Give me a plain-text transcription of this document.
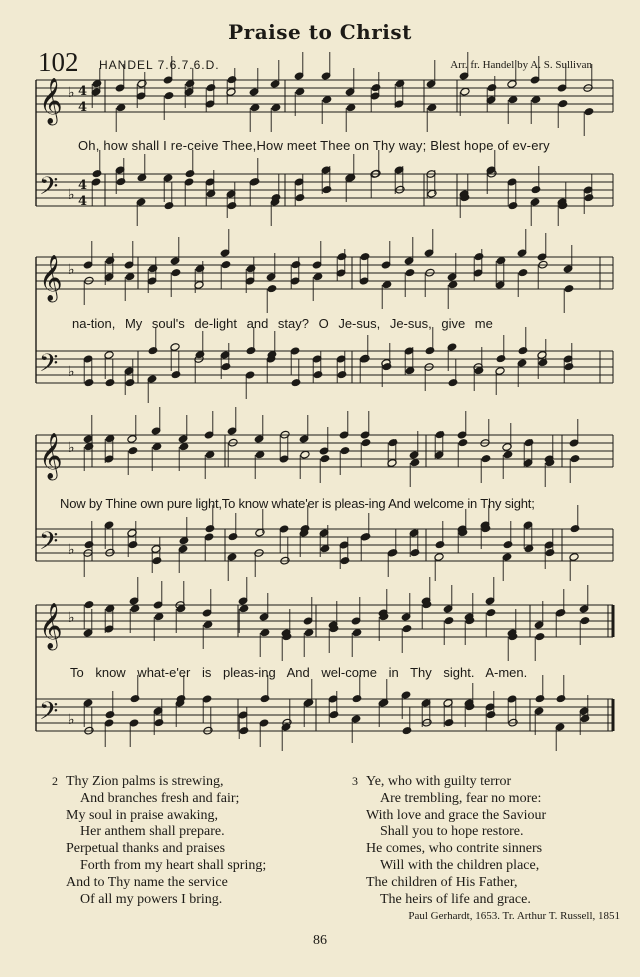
Praise to Christ
102 HANDEL 7.6.7.6.D.	Arr. fr. Handel by A. S. Sullivan
𝄞 ♭ 4
4
𝄢 ♭
4
4
𝄞 ♭
𝄢 ♭
𝄞 ♭
𝄢 ♭
𝄞 ♭
𝄢 ♭
Oh, how shall I re-ceive Thee,How meet Thee on Thy way; Blest hope of ev-ery
na-tion, My soul's de-light and stay? O Je-sus, Je-sus, give me
Now by Thine own pure light,To know whate'er is pleas-ing And welcome in Thy sight;
To know what-e'er is pleas-ing And wel-come in Thy sight. A-men.
2 Thy Zion palms is strewing,
And branches fresh and fair;
My soul in praise awaking,
Her anthem shall prepare.
Perpetual thanks and praises
Forth from my heart shall spring;
And to Thy name the service
Of all my powers I bring.
3 Ye, who with guilty terror
Are trembling, fear no more:
With love and grace the Saviour
Shall you to hope restore.
He comes, who contrite sinners
Will with the children place,
The children of His Father,
The heirs of life and grace.
Paul Gerhardt, 1653. Tr. Arthur T. Russell, 1851
86
